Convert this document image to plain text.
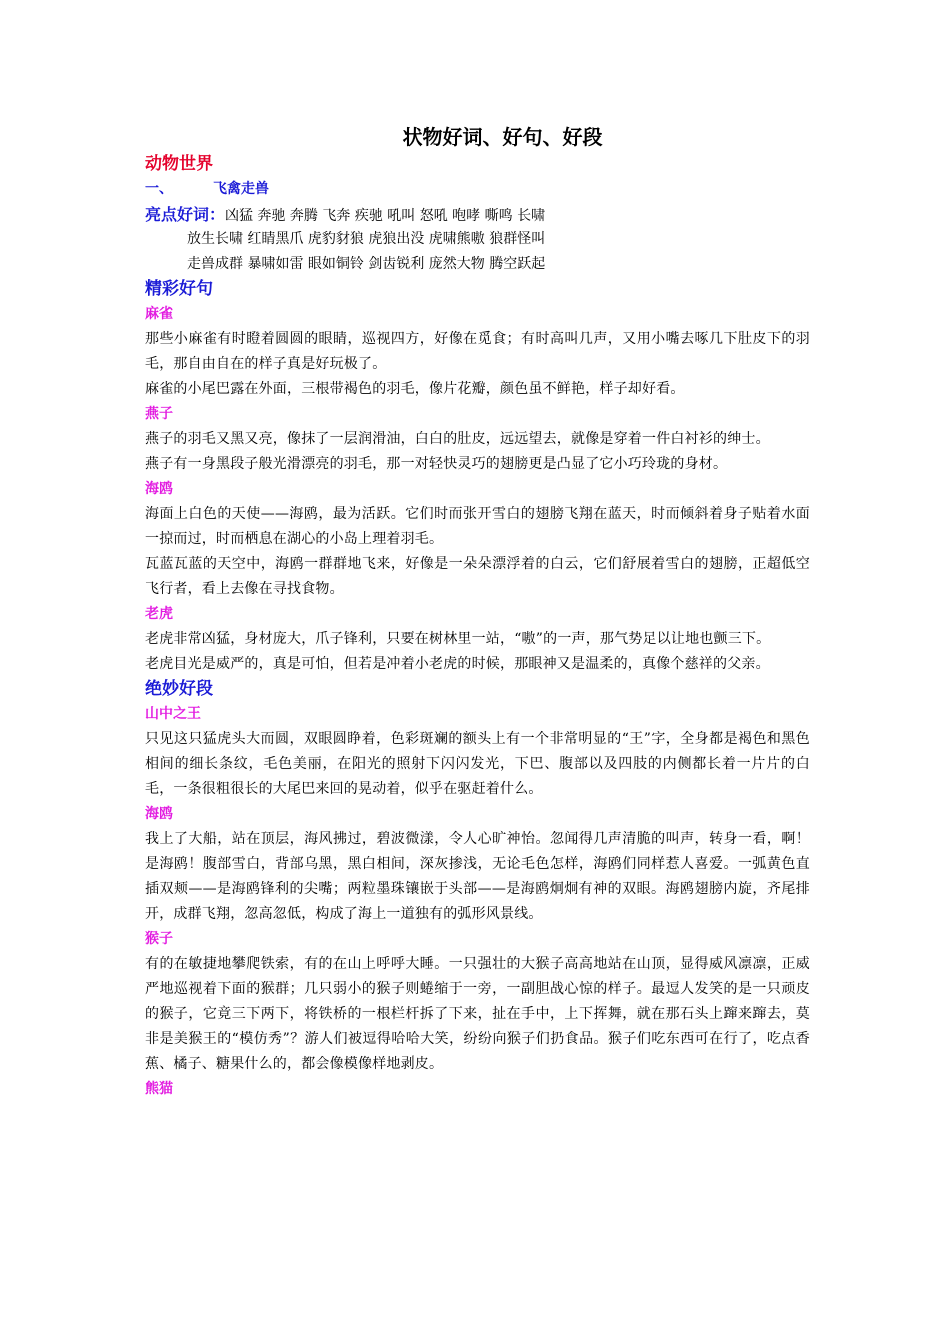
状物好词、好句、好段
动物世界
一、	飞禽走兽
亮点好词：凶猛 奔驰 奔腾 飞奔 疾驰 吼叫 怒吼 咆哮 嘶鸣 长啸
放生长啸 红睛黑爪 虎豹豺狼 虎狼出没 虎啸熊嗷 狼群怪叫
走兽成群 暴啸如雷 眼如铜铃 剑齿锐利 庞然大物 腾空跃起
精彩好句
麻雀

那些小麻雀有时瞪着圆圆的眼睛，巡视四方，好像在觅食；有时高叫几声，又用小嘴去啄几下肚皮下的羽毛，那自由自在的样子真是好玩极了。

麻雀的小尾巴露在外面，三根带褐色的羽毛，像片花瓣，颜色虽不鲜艳，样子却好看。

燕子

燕子的羽毛又黑又亮，像抹了一层润滑油，白白的肚皮，远远望去，就像是穿着一件白衬衫的绅士。

燕子有一身黑段子般光滑漂亮的羽毛，那一对轻快灵巧的翅膀更是凸显了它小巧玲珑的身材。

海鸥

海面上白色的天使——海鸥，最为活跃。它们时而张开雪白的翅膀飞翔在蓝天，时而倾斜着身子贴着水面一掠而过，时而栖息在湖心的小岛上理着羽毛。

瓦蓝瓦蓝的天空中，海鸥一群群地飞来，好像是一朵朵漂浮着的白云，它们舒展着雪白的翅膀，正超低空飞行者，看上去像在寻找食物。

老虎

老虎非常凶猛，身材庞大，爪子锋利，只要在树林里一站，“嗷”的一声，那气势足以让地也颤三下。

老虎目光是威严的，真是可怕，但若是冲着小老虎的时候，那眼神又是温柔的，真像个慈祥的父亲。

绝妙好段
山中之王

只见这只猛虎头大而圆，双眼圆睁着，色彩斑斓的额头上有一个非常明显的“王”字，全身都是褐色和黑色相间的细长条纹，毛色美丽，在阳光的照射下闪闪发光，下巴、腹部以及四肢的内侧都长着一片片的白毛，一条很粗很长的大尾巴来回的晃动着，似乎在驱赶着什么。

海鸥

我上了大船，站在顶层，海风拂过，碧波微漾，令人心旷神怡。忽闻得几声清脆的叫声，转身一看，啊！是海鸥！腹部雪白，背部乌黑，黑白相间，深灰掺浅，无论毛色怎样，海鸥们同样惹人喜爱。一弧黄色直插双颊——是海鸥锋利的尖嘴；两粒墨珠镶嵌于头部——是海鸥炯炯有神的双眼。海鸥翅膀内旋，齐尾排开，成群飞翔，忽高忽低，构成了海上一道独有的弧形风景线。

猴子

有的在敏捷地攀爬铁索，有的在山上呼呼大睡。一只强壮的大猴子高高地站在山顶，显得威风凛凛，正威严地巡视着下面的猴群；几只弱小的猴子则蜷缩于一旁，一副胆战心惊的样子。最逗人发笑的是一只顽皮的猴子，它竟三下两下，将铁桥的一根栏杆拆了下来，扯在手中，上下挥舞，就在那石头上蹿来蹿去，莫非是美猴王的“模仿秀”？游人们被逗得哈哈大笑，纷纷向猴子们扔食品。猴子们吃东西可在行了，吃点香蕉、橘子、糖果什么的，都会像模像样地剥皮。

熊猫
